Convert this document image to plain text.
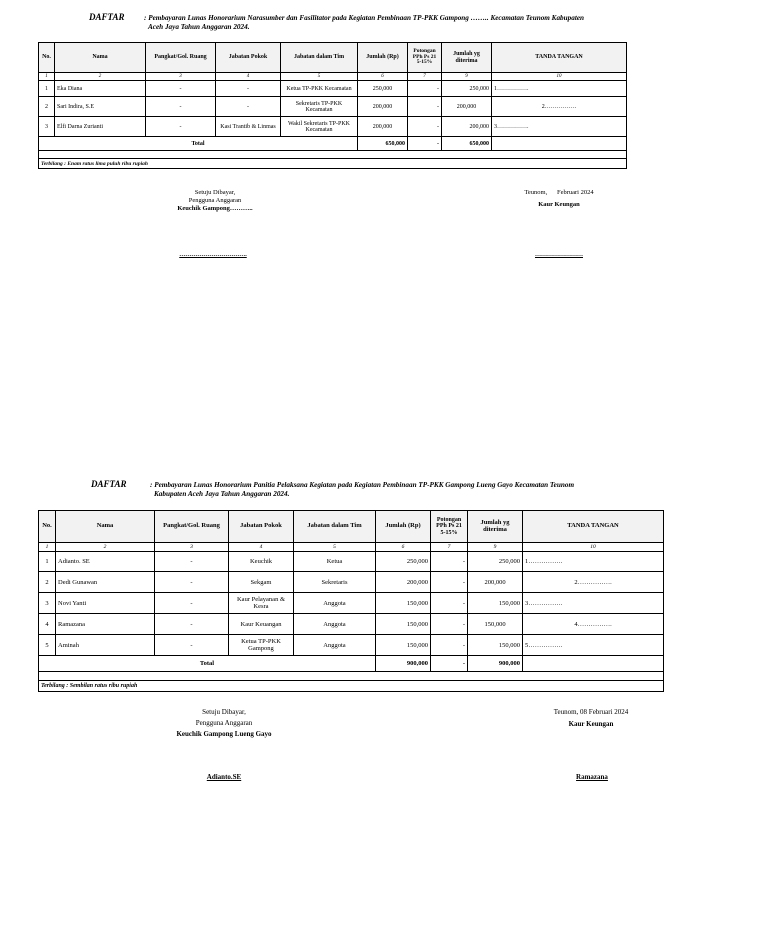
DAFTAR	: Pembayaran Lunas Honorarium Narasumber dan Fasilitator pada Kegiatan Pembinaan TP-PKK Gampong …….. Kecamatan Teunom Kabupaten
Aceh Jaya Tahun Anggaran 2024.
No.	Nama	Pangkat/Gol. Ruang	Jabatan Pokok	Jabatan dalam Tim	Jumlah (Rp)	Potongan PPh Ps 21 5-15%	Jumlah yg diterima	TANDA TANGAN
1	2	3	4	5	6	7	9	10
1	Eka Diana	-	-	Ketua TP-PKK Kecamatan	250,000	-	250,000	1…………….
2	Sari Indira, S.E	-	-	Sekretaris TP-PKK Kecamatan	200,000	-	200,000	2…………….
3	Elfi Darna Zurianti	-	Kasi Trantib & Linmas	Wakil Sekretaris TP-PKK Kecamatan	200,000	-	200,000	3…………….
Total					650,000	-	650,000	

Terbilang : Enam ratus lima puluh ribu rupiah								
Setuju Dibayar,
Pengguna Anggaran
Keuchik Gampong………..
…………………………….
Teunom,      Februari 2024
Kaur Keungan
……………………
DAFTAR	: Pembayaran Lunas Honorarium Panitia Pelaksana Kegiatan pada Kegiatan Pembinaan TP-PKK Gampong Lueng Gayo Kecamatan Teunom
Kabupaten Aceh Jaya Tahun Anggaran 2024.
No.	Nama	Pangkat/Gol. Ruang	Jabatan Pokok	Jabatan dalam Tim	Jumlah (Rp)	Potongan PPh Ps 21 5-15%	Jumlah yg diterima	TANDA TANGAN
1	2	3	4	5	6	7	9	10
1	Adianto. SE	-	Keuchik	Ketua	250,000	-	250,000	1…………….
2	Dedi Gunawan	-	Sekgam	Sekretaris	200,000	-	200,000	2…………….
3	Novi Yanti	-	Kaur Pelayanan & Kesra	Anggota	150,000	-	150,000	3…………….
4	Ramazana	-	Kaur Keuangan	Anggota	150,000	-	150,000	4…………….
5	Aminah	-	Ketua TP-PKK Gampong	Anggota	150,000	-	150,000	5…………….
Total					900,000	-	900,000	

Terbilang : Sembilan ratus ribu rupiah								
Setuju Dibayar,
Pengguna Anggaran
Keuchik Gampong Lueng Gayo
Adianto.SE
Teunom, 08 Februari 2024
Kaur Keungan
Ramazana
